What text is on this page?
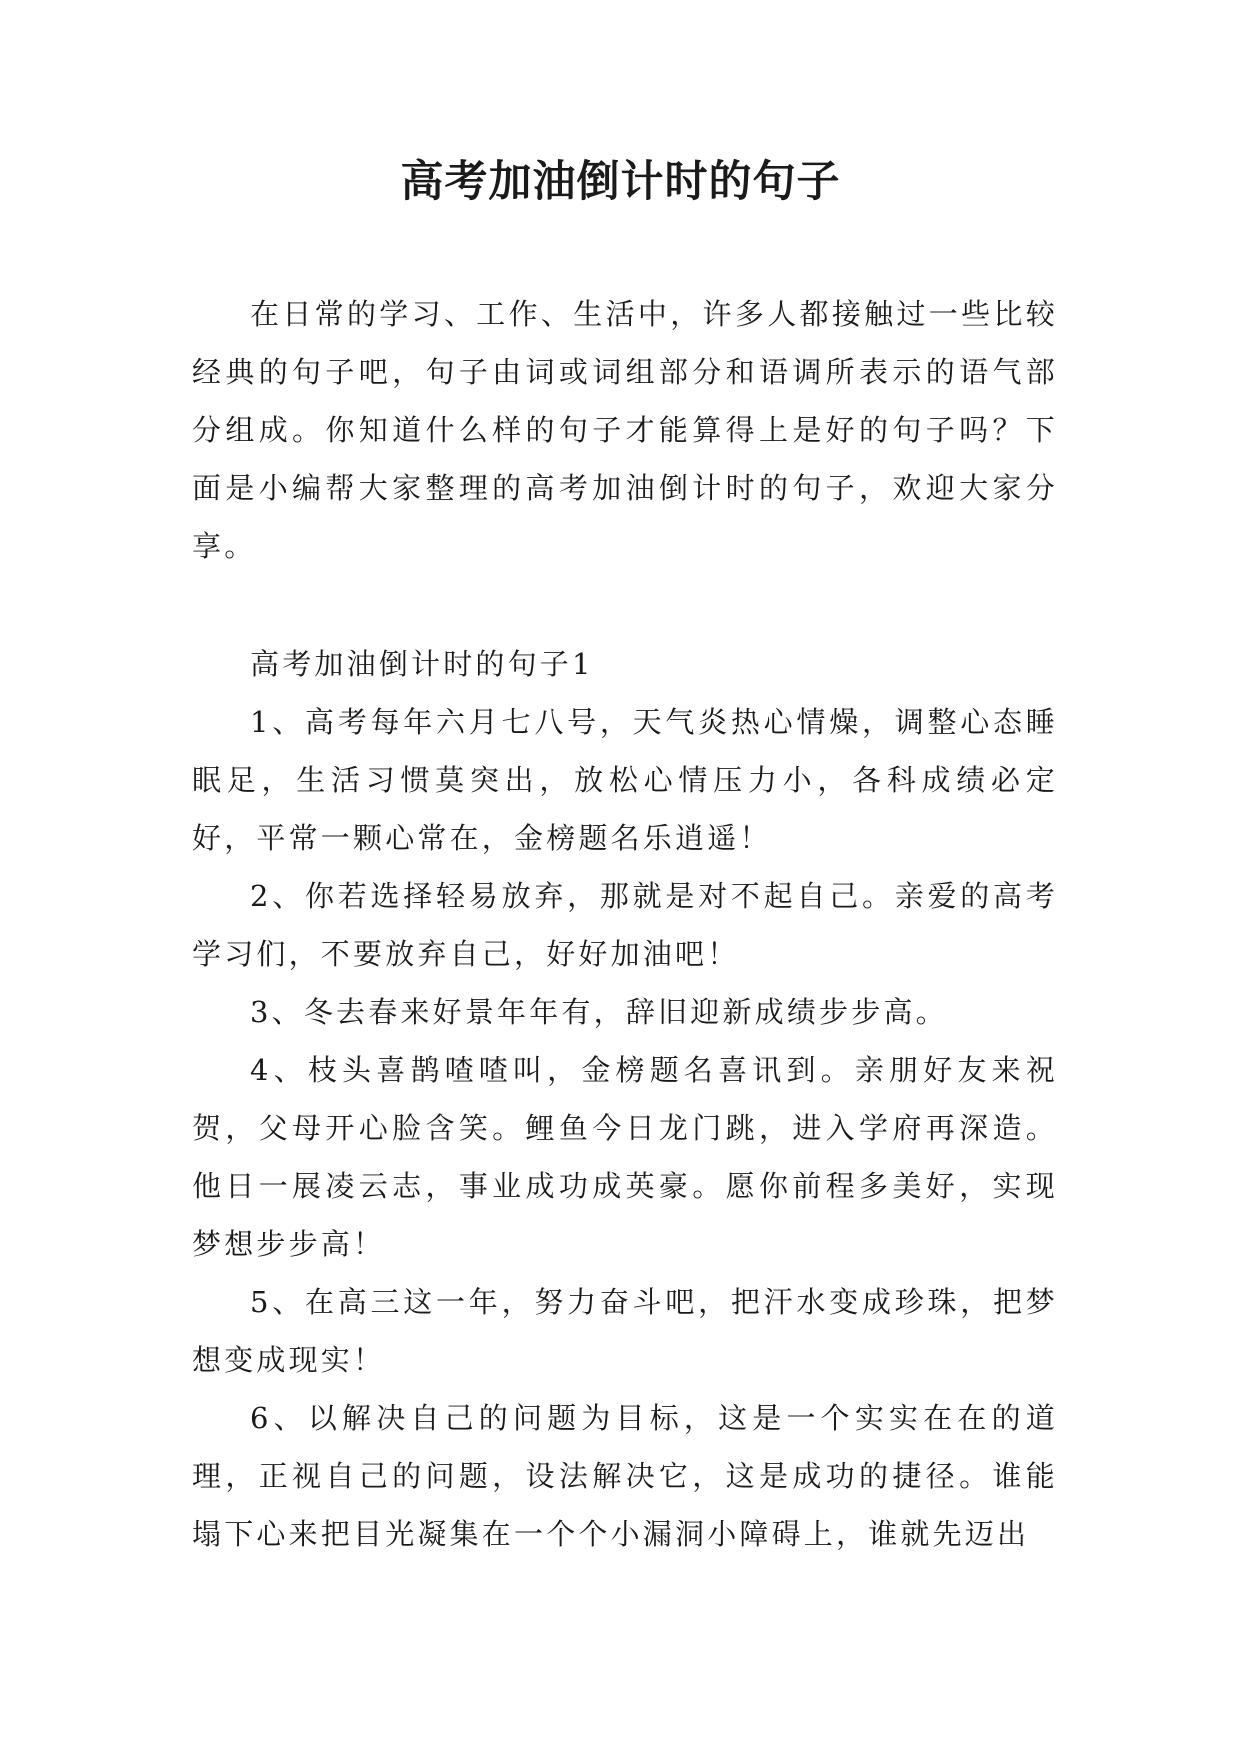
高考加油倒计时的句子

在日常的学习、工作、生活中，许多人都接触过一些比较经典的句子吧，句子由词或词组部分和语调所表示的语气部分组成。你知道什么样的句子才能算得上是好的句子吗？下面是小编帮大家整理的高考加油倒计时的句子，欢迎大家分享。

高考加油倒计时的句子1

1、高考每年六月七八号，天气炎热心情燥，调整心态睡眠足，生活习惯莫突出，放松心情压力小，各科成绩必定好，平常一颗心常在，金榜题名乐逍遥！

2、你若选择轻易放弃，那就是对不起自己。亲爱的高考学习们，不要放弃自己，好好加油吧！

3、冬去春来好景年年有，辞旧迎新成绩步步高。

4、枝头喜鹊喳喳叫，金榜题名喜讯到。亲朋好友来祝贺，父母开心脸含笑。鲤鱼今日龙门跳，进入学府再深造。他日一展凌云志，事业成功成英豪。愿你前程多美好，实现梦想步步高！

5、在高三这一年，努力奋斗吧，把汗水变成珍珠，把梦想变成现实！

6、以解决自己的问题为目标，这是一个实实在在的道理，正视自己的问题，设法解决它，这是成功的捷径。谁能塌下心来把目光凝集在一个个小漏洞小障碍上，谁就先迈出
